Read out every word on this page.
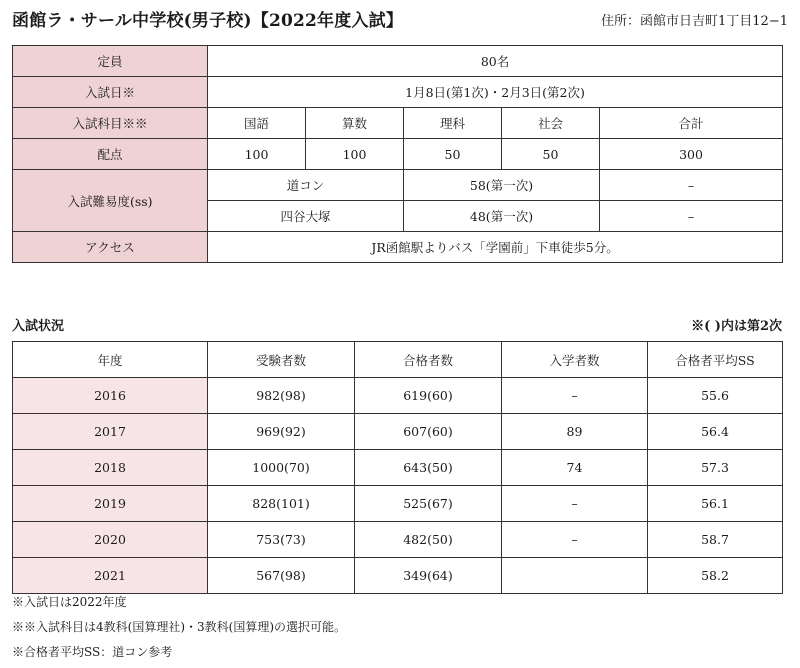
函館ラ・サール中学校(男子校)【2022年度入試】	住所：函館市日吉町1丁目12−1
定員	80名				
入試日※	1月8日(第1次)・2月3日(第2次)				
入試科目※※	国語	算数	理科	社会	合計
配点	100	100	50	50	300
入試難易度(ss)	道コン		58(第一次)		–
	四谷大塚		48(第一次)		–
アクセス	JR函館駅よりバス「学園前」下車徒歩5分。				
入試状況	※( )内は第2次
年度	受験者数	合格者数	入学者数	合格者平均SS
2016	982(98)	619(60)	–	55.6
2017	969(92)	607(60)	89	56.4
2018	1000(70)	643(50)	74	57.3
2019	828(101)	525(67)	–	56.1
2020	753(73)	482(50)	–	58.7
2021	567(98)	349(64)		58.2
※入試日は2022年度
※※入試科目は4教科(国算理社)・3教科(国算理)の選択可能。
※合格者平均SS：道コン参考
